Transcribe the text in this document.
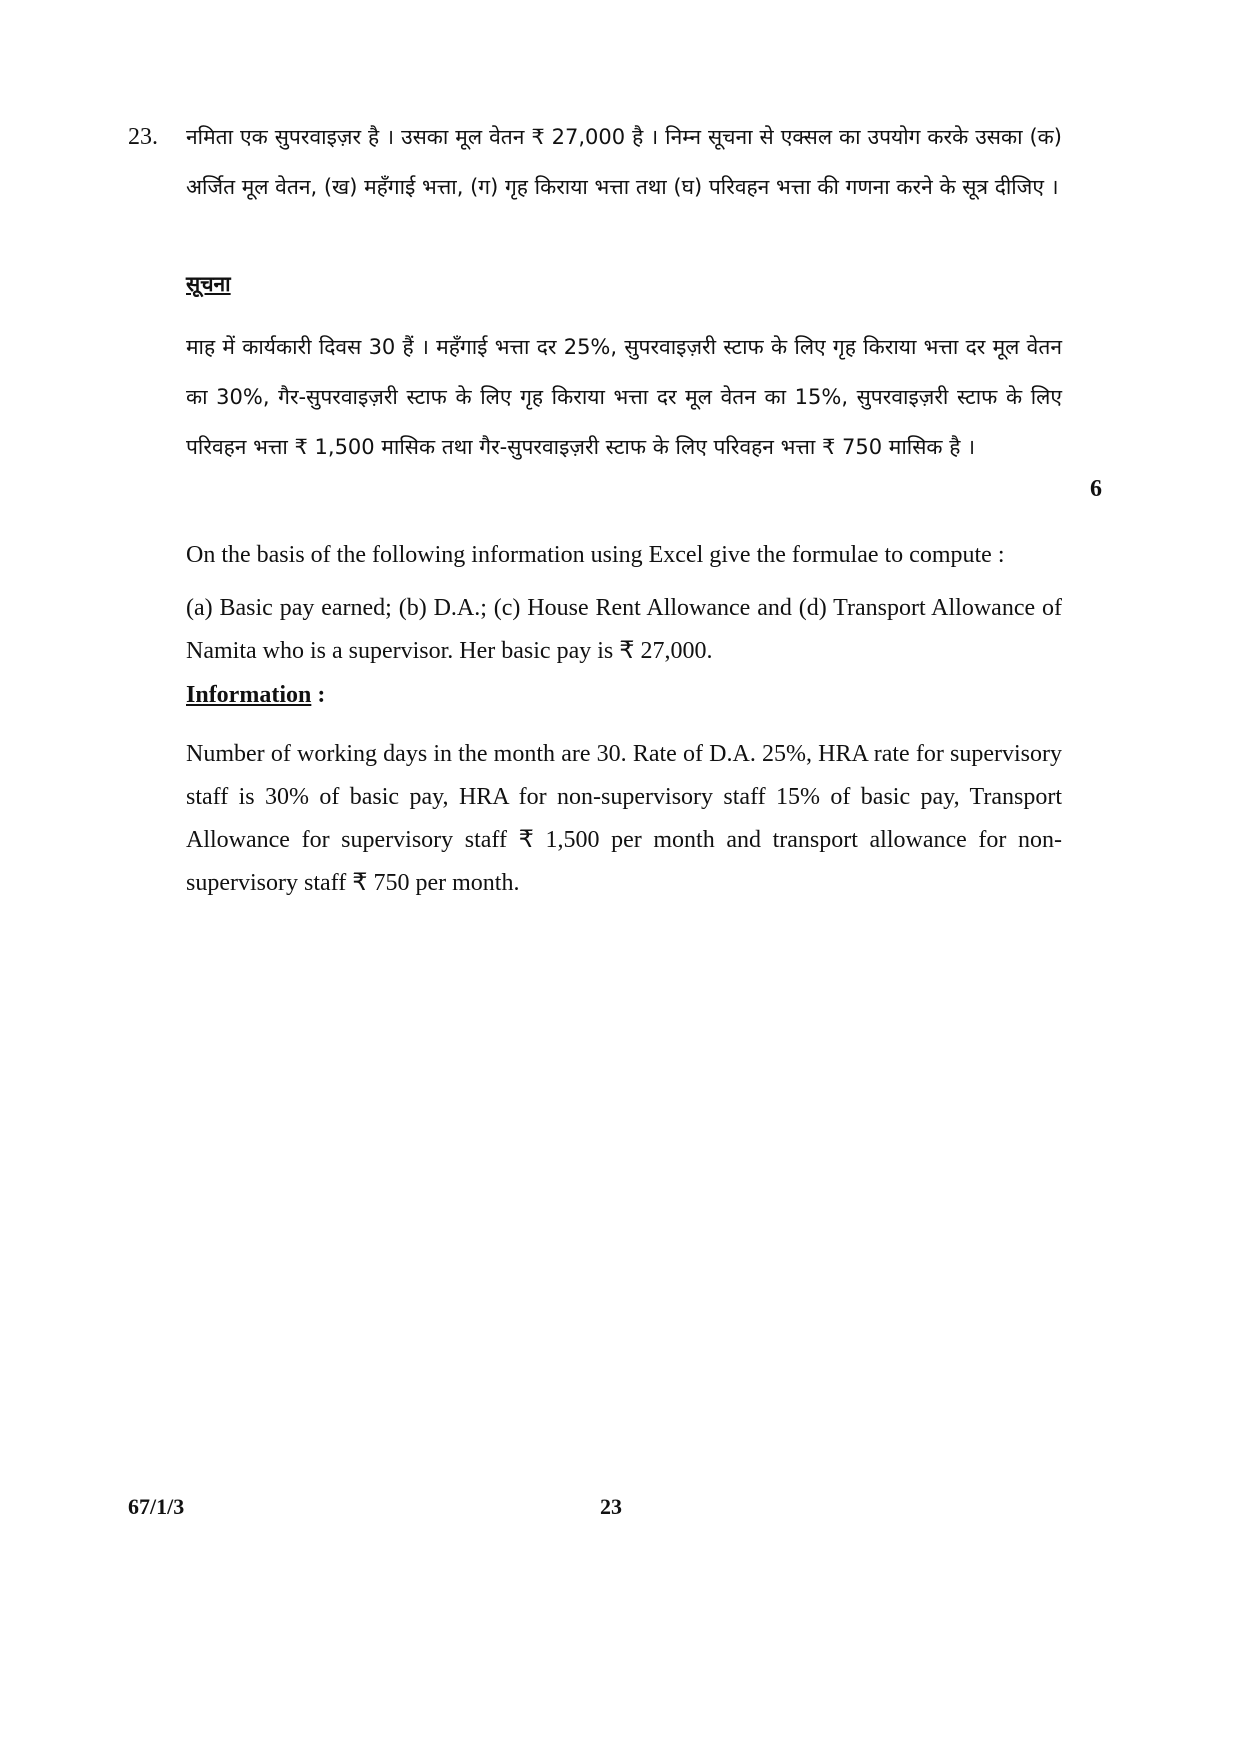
23. नमिता एक सुपरवाइज़र है । उसका मूल वेतन ₹ 27,000 है । निम्न सूचना से एक्सल का उपयोग करके उसका (क) अर्जित मूल वेतन, (ख) महँगाई भत्ता, (ग) गृह किराया भत्ता तथा (घ) परिवहन भत्ता की गणना करने के सूत्र दीजिए ।

सूचना

माह में कार्यकारी दिवस 30 हैं । महँगाई भत्ता दर 25%, सुपरवाइज़री स्टाफ के लिए गृह किराया भत्ता दर मूल वेतन का 30%, गैर-सुपरवाइज़री स्टाफ के लिए गृह किराया भत्ता दर मूल वेतन का 15%, सुपरवाइज़री स्टाफ के लिए परिवहन भत्ता ₹ 1,500 मासिक तथा गैर-सुपरवाइज़री स्टाफ के लिए परिवहन भत्ता ₹ 750 मासिक है ।

6

On the basis of the following information using Excel give the formulae to compute :

(a) Basic pay earned; (b) D.A.; (c) House Rent Allowance and (d) Transport Allowance of Namita who is a supervisor. Her basic pay is ₹ 27,000.

Information :

Number of working days in the month are 30. Rate of D.A. 25%, HRA rate for supervisory staff is 30% of basic pay, HRA for non-supervisory staff 15% of basic pay, Transport Allowance for supervisory staff ₹ 1,500 per month and transport allowance for non-supervisory staff ₹ 750 per month.

67/1/3	23
